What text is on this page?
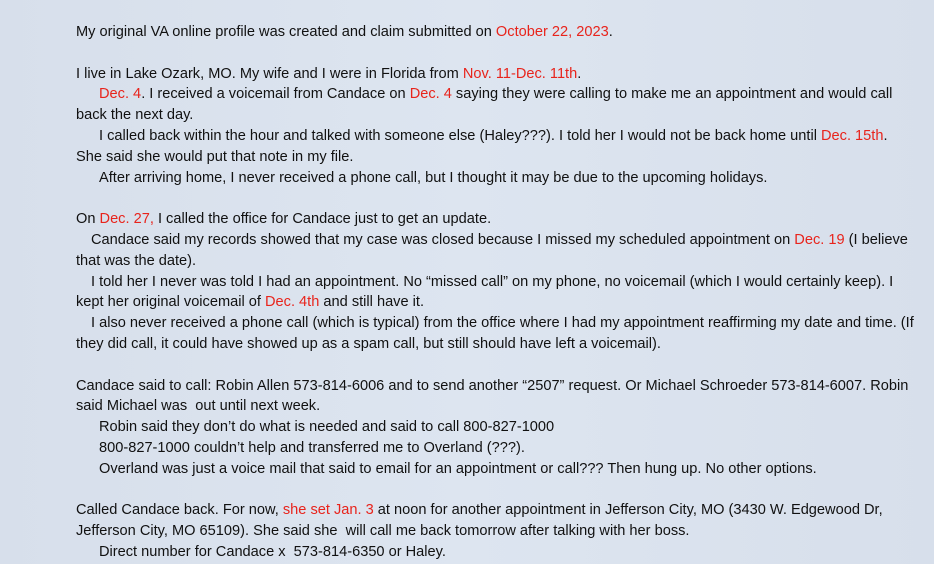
My original VA online profile was created and claim submitted on October 22, 2023.
I live in Lake Ozark, MO. My wife and I were in Florida from Nov. 11-Dec. 11th.
Dec. 4. I received a voicemail from Candace on Dec. 4 saying they were calling to make me an appointment and would call back the next day.
I called back within the hour and talked with someone else (Haley???). I told her I would not be back home until Dec. 15th. She said she would put that note in my file.
After arriving home, I never received a phone call, but I thought it may be due to the upcoming holidays.
On Dec. 27, I called the office for Candace just to get an update.
Candace said my records showed that my case was closed because I missed my scheduled appointment on Dec. 19 (I believe that was the date).
I told her I never was told I had an appointment. No “missed call” on my phone, no voicemail (which I would certainly keep). I kept her original voicemail of Dec. 4th and still have it.
I also never received a phone call (which is typical) from the office where I had my appointment reaffirming my date and time. (If they did call, it could have showed up as a spam call, but still should have left a voicemail).
Candace said to call: Robin Allen 573-814-6006 and to send another “2507” request. Or Michael Schroeder 573-814-6007. Robin said Michael was  out until next week.
Robin said they don’t do what is needed and said to call 800-827-1000
800-827-1000 couldn’t help and transferred me to Overland (???).
Overland was just a voice mail that said to email for an appointment or call??? Then hung up. No other options.
Called Candace back. For now, she set Jan. 3 at noon for another appointment in Jefferson City, MO (3430 W. Edgewood Dr, Jefferson City, MO 65109). She said she  will call me back tomorrow after talking with her boss.
Direct number for Candace x  573-814-6350 or Haley.
